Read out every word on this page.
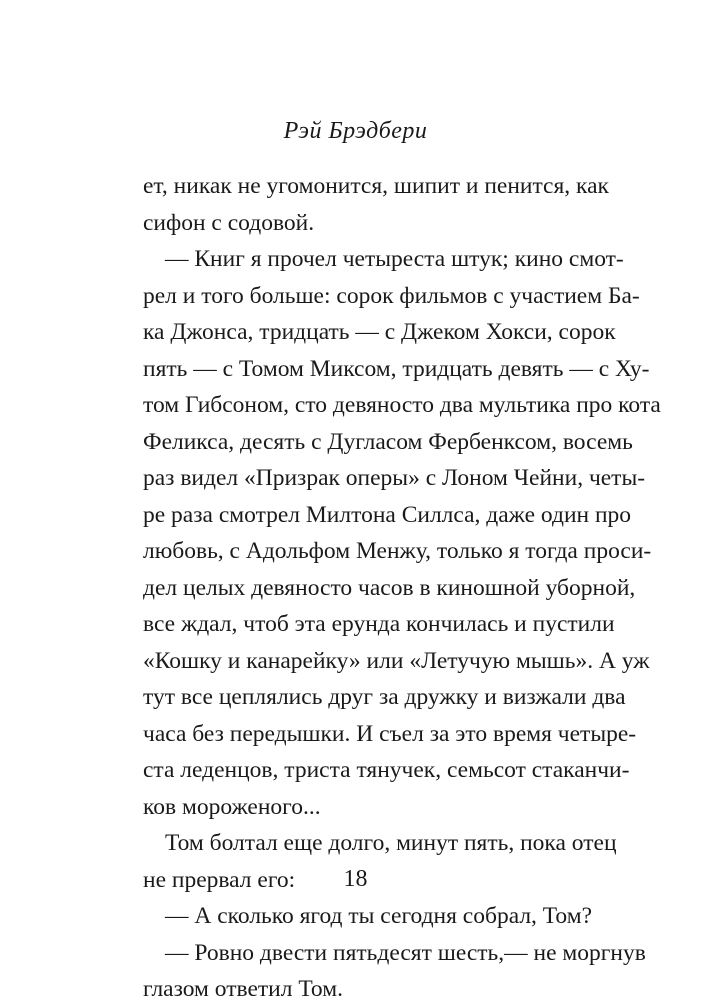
Рэй Брэдбери
ет, никак не угомонится, шипит и пенится, как
сифон с содовой.
— Книг я прочел четыреста штук; кино смот-
рел и того больше: сорок фильмов с участием Ба-
ка Джонса, тридцать — с Джеком Хокси, сорок
пять — с Томом Миксом, тридцать девять — с Ху-
том Гибсоном, сто девяносто два мультика про кота
Феликса, десять с Дугласом Фербенксом, восемь
раз видел «Призрак оперы» с Лоном Чейни, четы-
ре раза смотрел Милтона Силлса, даже один про
любовь, с Адольфом Менжу, только я тогда проси-
дел целых девяносто часов в киношной уборной,
все ждал, чтоб эта ерунда кончилась и пустили
«Кошку и канарейку» или «Летучую мышь». А уж
тут все цеплялись друг за дружку и визжали два
часа без передышки. И съел за это время четыре-
ста леденцов, триста тянучек, семьсот стаканчи-
ков мороженого...
Том болтал еще долго, минут пять, пока отец
не прервал его:
— А сколько ягод ты сегодня собрал, Том?
— Ровно двести пятьдесят шесть,— не моргнув
глазом ответил Том.
18
